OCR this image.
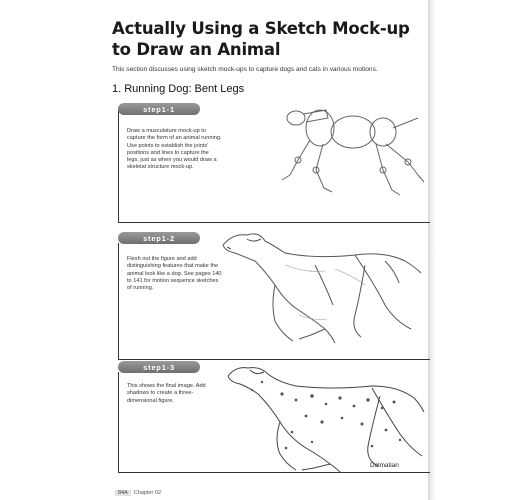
Actually Using a Sketch Mock-up
to Draw an Animal
This section discusses using sketch mock-ups to capture dogs and cats in various motions.
1. Running Dog: Bent Legs
step1-1
Draw a musculature mock-up to capture the form of an animal running. Use points to establish the joints' positions and lines to capture the legs, just as when you would draw a skeletal structure mock-up.
step1-2
Flesh out the figure and add distinguishing features that make the animal look like a dog. See pages 140 to 141 for motion sequence sketches of running.
step1-3
This shows the final image. Add shadows to create a three-dimensional figure.
Dalmatian
84A	Chapter 02
